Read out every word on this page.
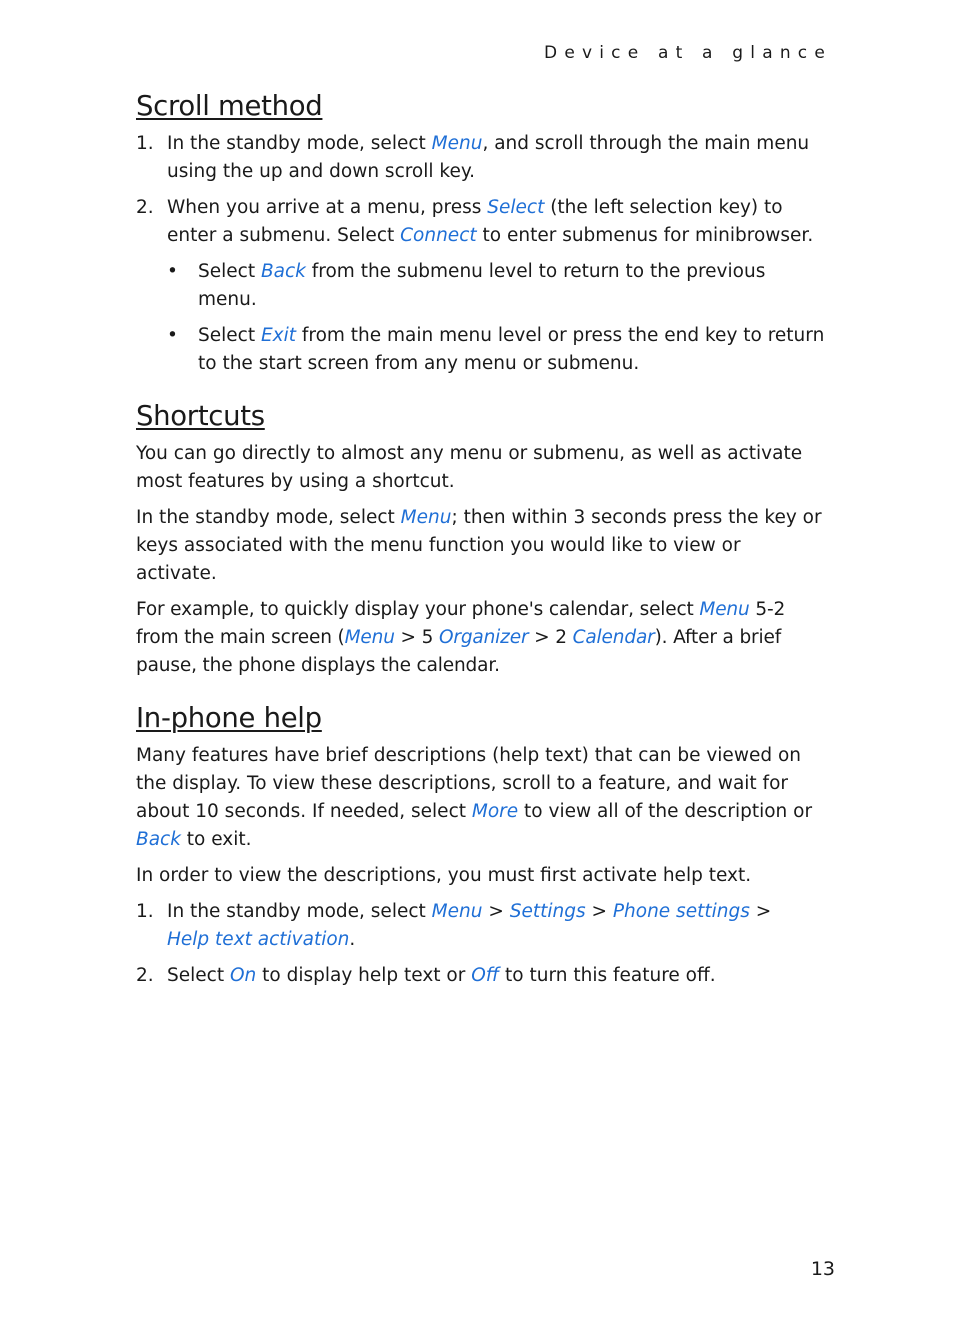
Device at a glance
Scroll method
1. In the standby mode, select Menu, and scroll through the main menu using the up and down scroll key.
2. When you arrive at a menu, press Select (the left selection key) to enter a submenu. Select Connect to enter submenus for minibrowser.
• Select Back from the submenu level to return to the previous menu.
• Select Exit from the main menu level or press the end key to return to the start screen from any menu or submenu.
Shortcuts

You can go directly to almost any menu or submenu, as well as activate most features by using a shortcut.

In the standby mode, select Menu; then within 3 seconds press the key or keys associated with the menu function you would like to view or activate.

For example, to quickly display your phone's calendar, select Menu 5-2 from the main screen (Menu > 5 Organizer > 2 Calendar). After a brief pause, the phone displays the calendar.

In-phone help

Many features have brief descriptions (help text) that can be viewed on the display. To view these descriptions, scroll to a feature, and wait for about 10 seconds. If needed, select More to view all of the description or Back to exit.

In order to view the descriptions, you must first activate help text.

1. In the standby mode, select Menu > Settings > Phone settings >
Help text activation.
2. Select On to display help text or Off to turn this feature off.
13
